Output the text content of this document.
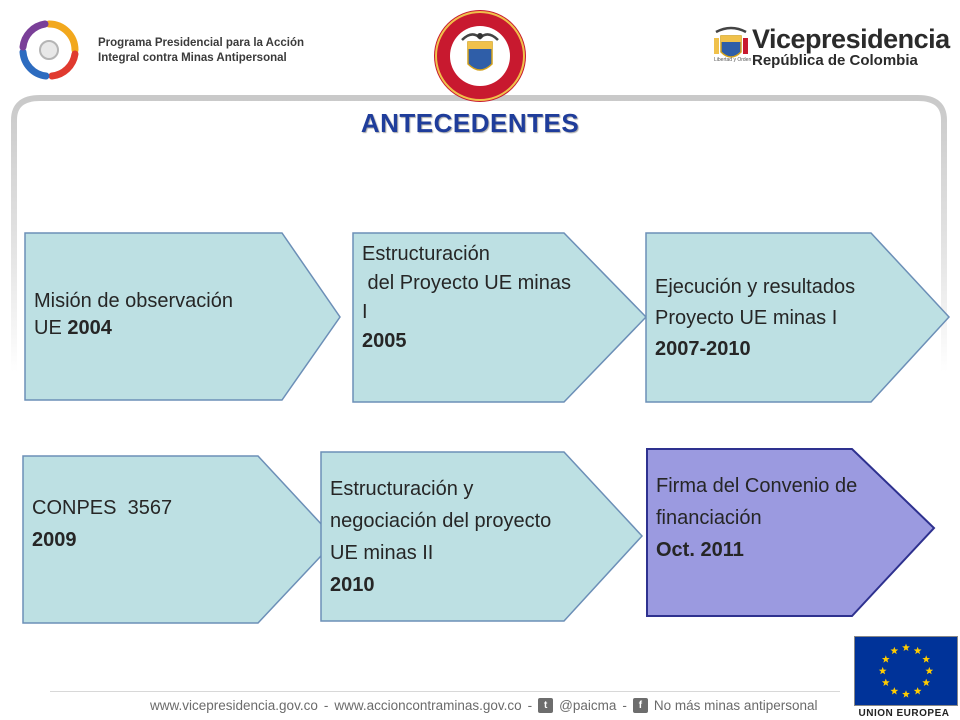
Programa Presidencial para la Acción
Integral contra Minas Antipersonal
Vicepresidencia
República de Colombia
Libertad y Orden
ANTECEDENTES
Misión de observación
UE 2004
Estructuración
del Proyecto UE minas
I
2005
Ejecución y resultados
Proyecto UE minas I
2007-2010
CONPES  3567
2009
Estructuración y
negociación del proyecto
UE minas II
2010
Firma del Convenio de
financiación
Oct. 2011
www.vicepresidencia.gov.co - www.accioncontraminas.gov.co -	t @paicma -	f No más minas antipersonal
UNION EUROPEA
